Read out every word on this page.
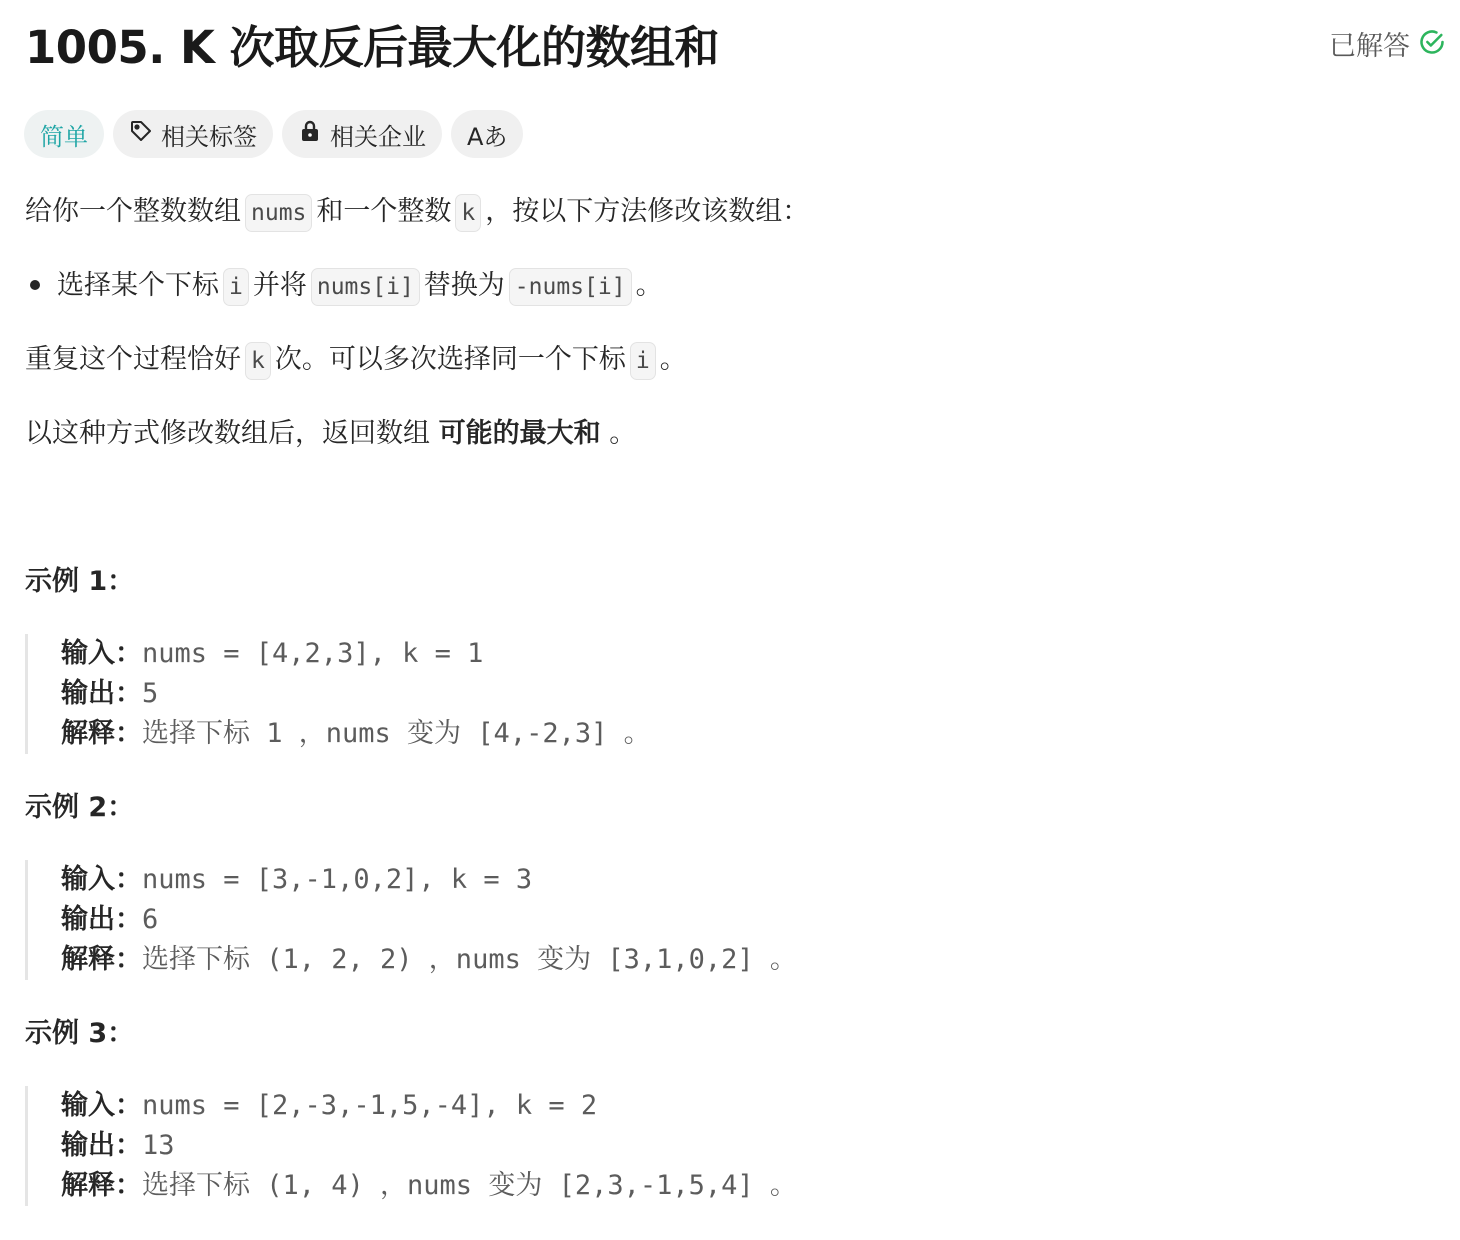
1005. K 次取反后最大化的数组和	已解答
简单	相关标签	相关企业 Aあ
给你一个整数数组 nums 和一个整数 k ，按以下方法修改该数组：
选择某个下标 i 并将 nums[i] 替换为 -nums[i] 。
重复这个过程恰好 k 次。可以多次选择同一个下标 i 。
以这种方式修改数组后，返回数组 可能的最大和 。
示例 1：
输入：nums = [4,2,3], k = 1
输出：5
解释：选择下标 1 ，nums 变为 [4,-2,3] 。
示例 2：
输入：nums = [3,-1,0,2], k = 3
输出：6
解释：选择下标 (1, 2, 2) ，nums 变为 [3,1,0,2] 。
示例 3：
输入：nums = [2,-3,-1,5,-4], k = 2
输出：13
解释：选择下标 (1, 4) ，nums 变为 [2,3,-1,5,4] 。
